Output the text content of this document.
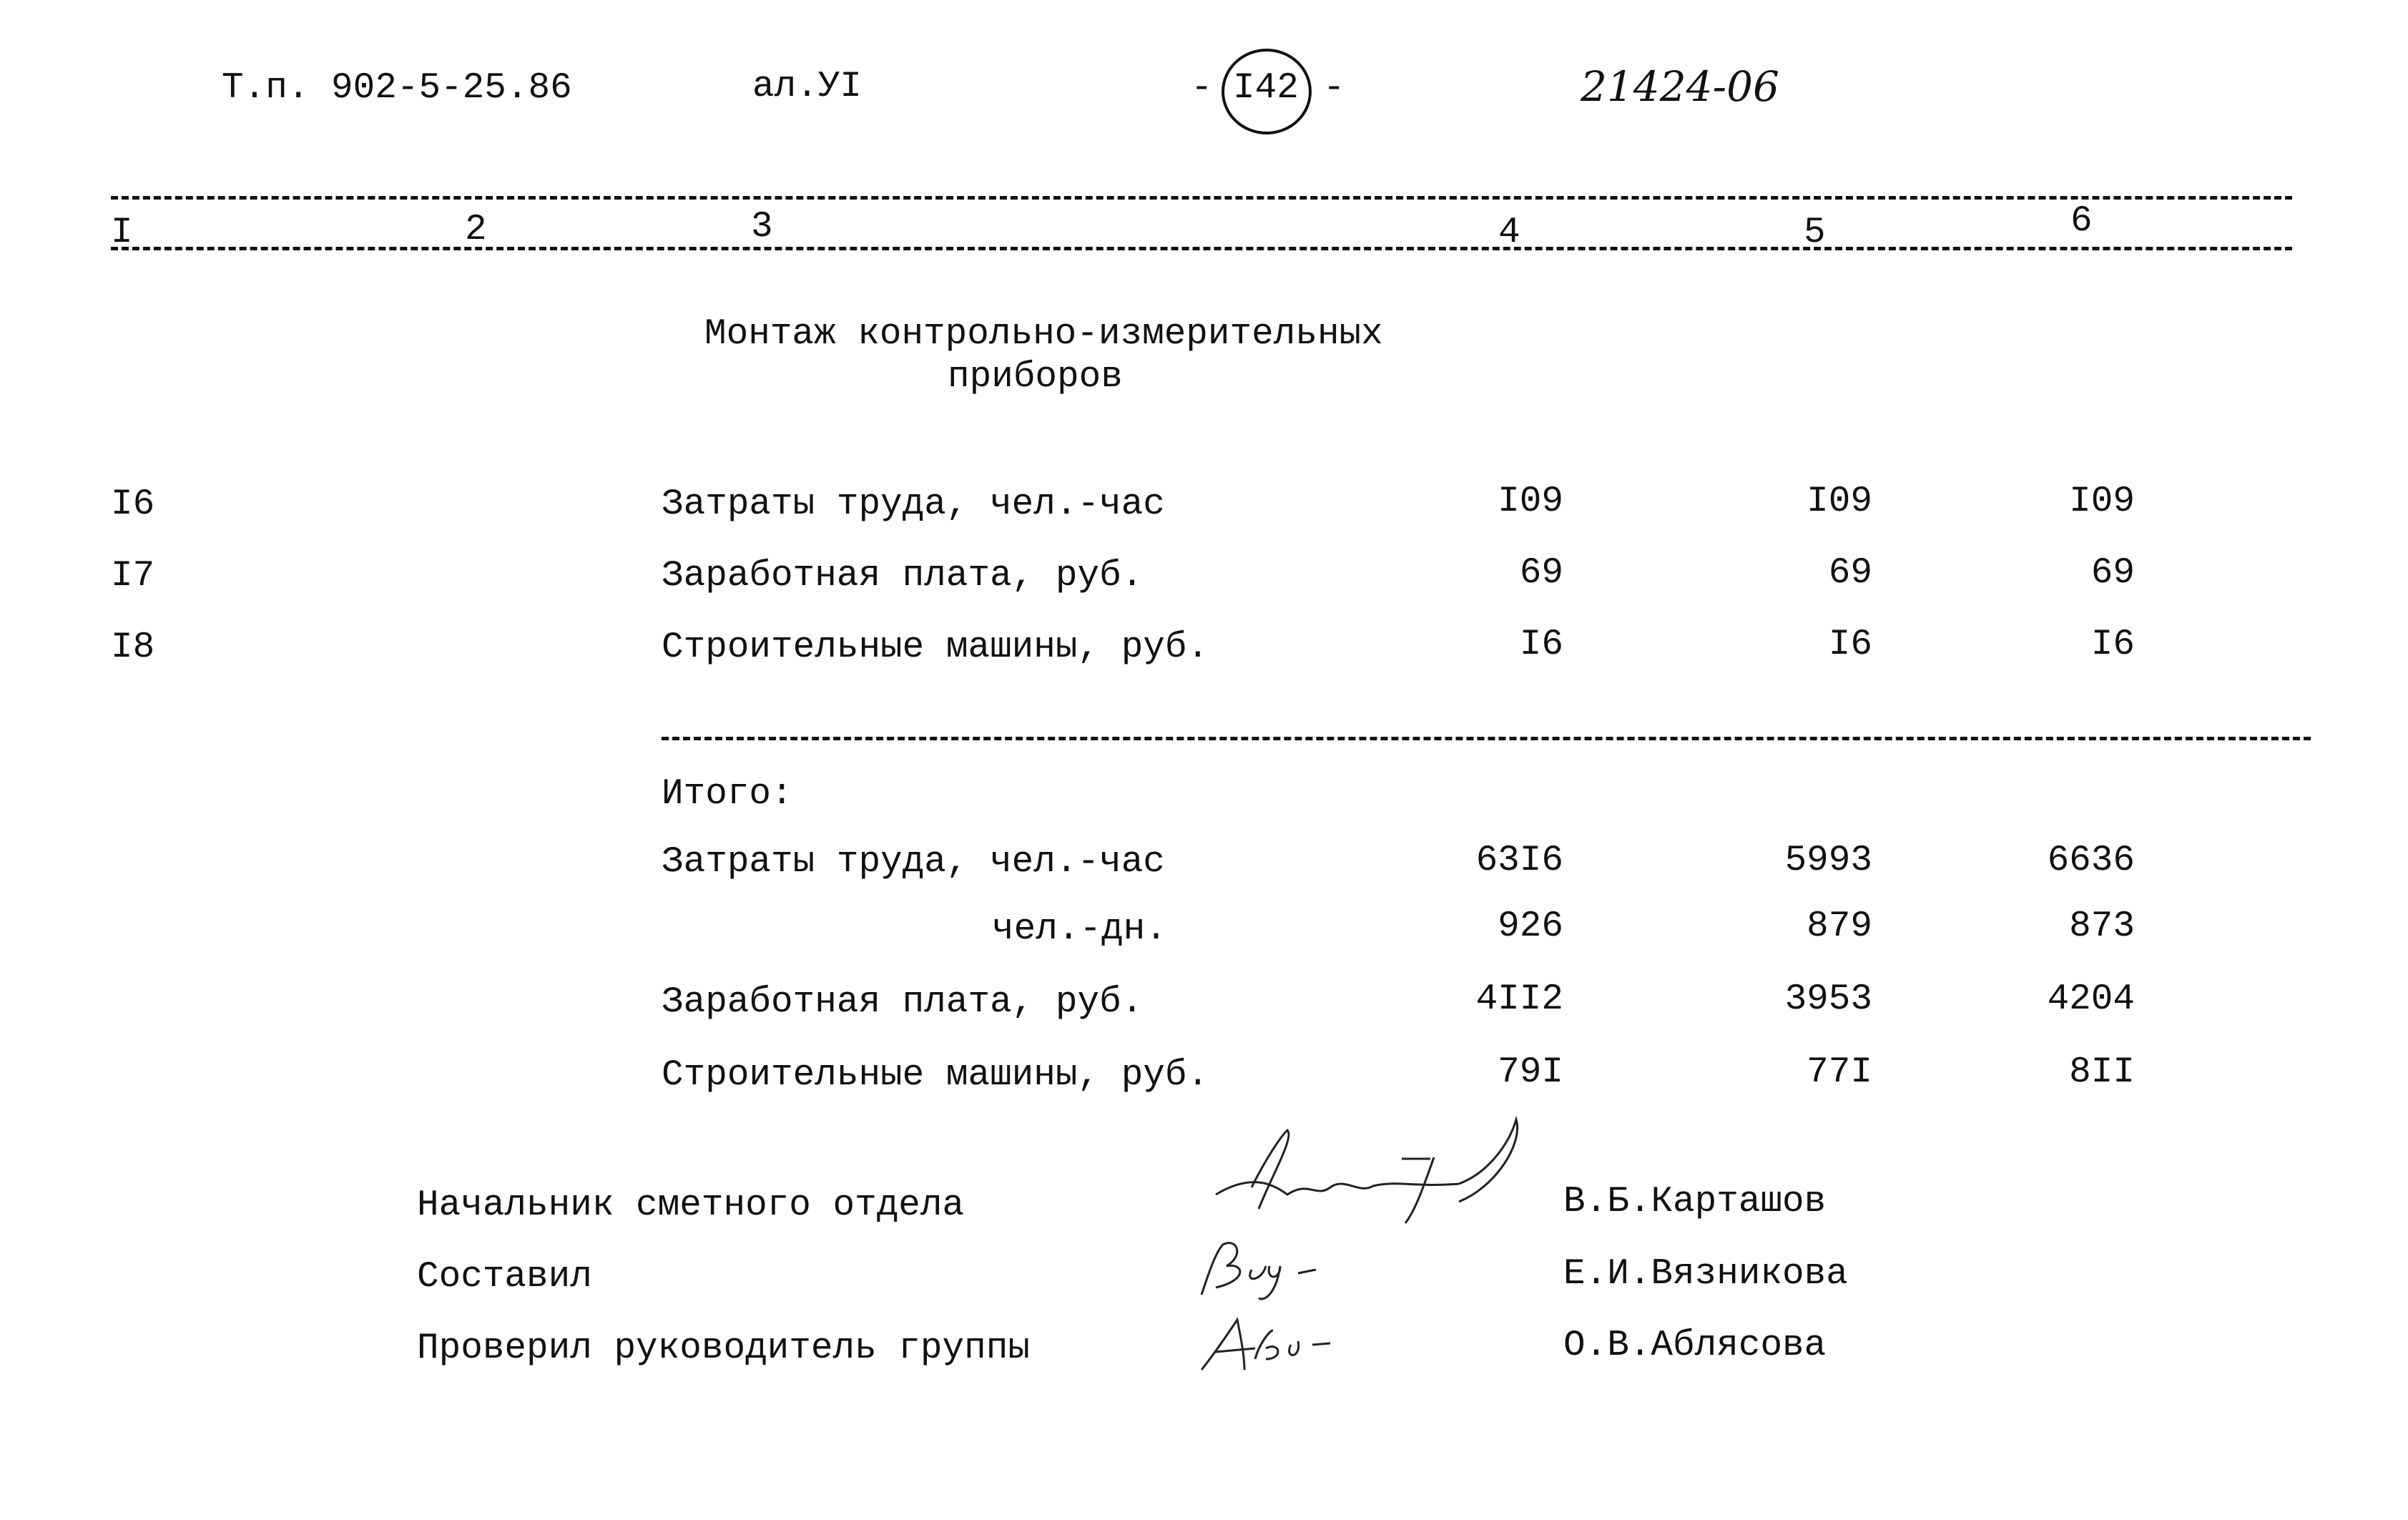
Т.п. 902-5-25.86	ал.УI	- I42 -	21424-06
I	2	3	4	5	6
Монтаж контрольно-измерительных
приборов
I6	Затраты труда, чел.-час	I09	I09	I09
I7	Заработная плата, руб.	69	69	69
I8	Строительные машины, руб.	I6	I6	I6
Итого:
Затраты труда, чел.-час	63I6	5993	6636
чел.-дн.	926	879	873
Заработная плата, руб.	4II2	3953	4204
Строительные машины, руб.	79I	77I	8II
Начальник сметного отдела	В.Б.Карташов
Составил	Е.И.Вязникова
Проверил руководитель группы	О.В.Аблясова
